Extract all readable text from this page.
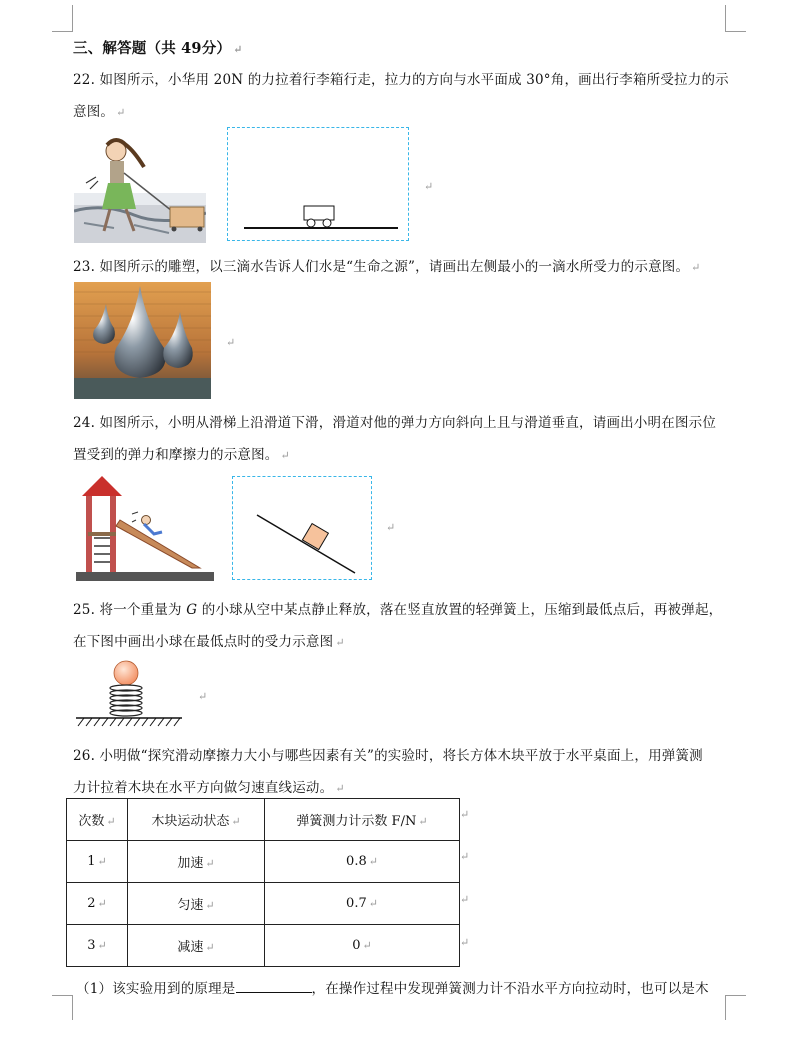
三、解答题（共 49分） ↵
22. 如图所示，小华用 20N 的力拉着行李箱行走，拉力的方向与水平面成 30°角，画出行李箱所受拉力的示
意图。 ↵
↵
23. 如图所示的雕塑，以三滴水告诉人们水是“生命之源”，请画出左侧最小的一滴水所受力的示意图。 ↵
↵
24. 如图所示，小明从滑梯上沿滑道下滑，滑道对他的弹力方向斜向上且与滑道垂直，请画出小明在图示位
置受到的弹力和摩擦力的示意图。 ↵
↵
25. 将一个重量为 G 的小球从空中某点静止释放，落在竖直放置的轻弹簧上，压缩到最低点后，再被弹起，
在下图中画出小球在最低点时的受力示意图 ↵
↵
26. 小明做“探究滑动摩擦力大小与哪些因素有关”的实验时，将长方体木块平放于水平桌面上，用弹簧测
力计拉着木块在水平方向做匀速直线运动。 ↵
次数 ↵	木块运动状态 ↵	弹簧测力计示数 F/N ↵
1 ↵	加速 ↵	0.8 ↵
2 ↵	匀速 ↵	0.7 ↵
3 ↵	减速 ↵	0 ↵
↵
↵
↵
↵
（1）该实验用到的原理是	，在操作过程中发现弹簧测力计不沿水平方向拉动时，也可以是木
